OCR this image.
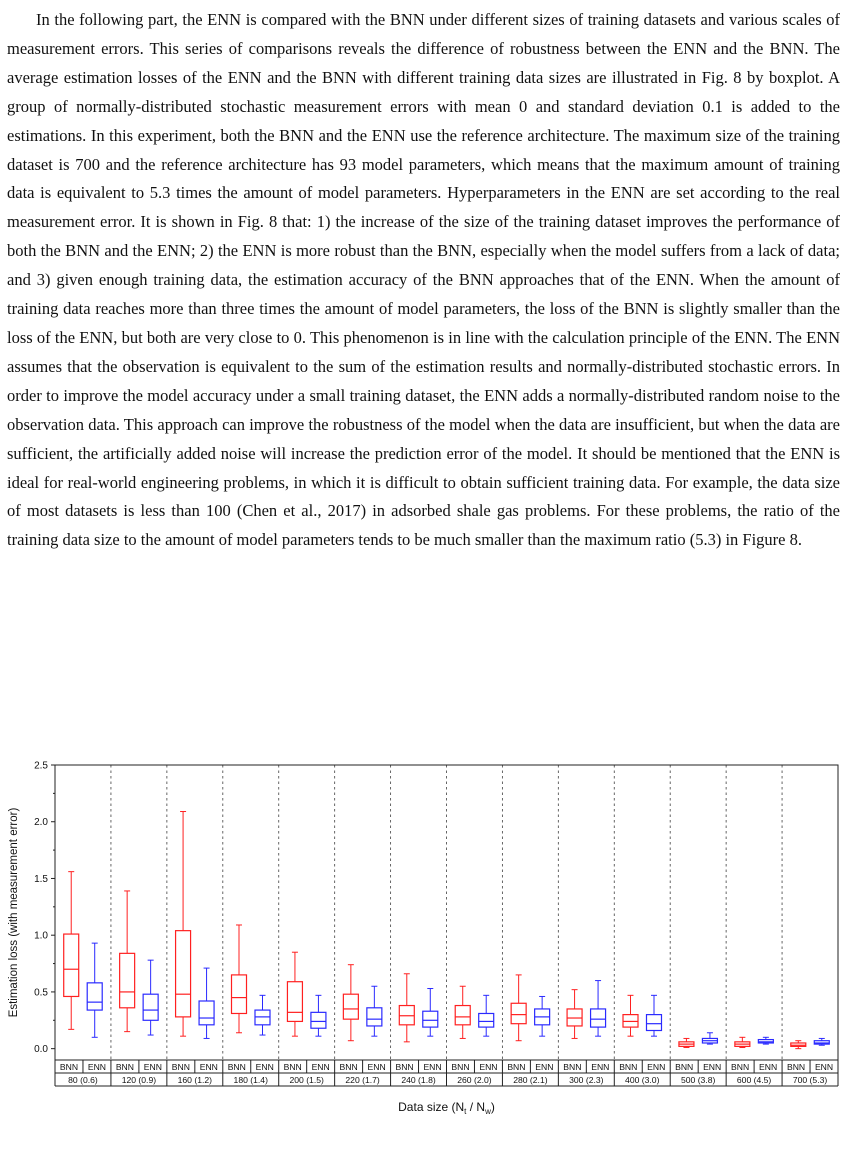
In the following part, the ENN is compared with the BNN under different sizes of training datasets and various scales of measurement errors. This series of comparisons reveals the difference of robustness between the ENN and the BNN. The average estimation losses of the ENN and the BNN with different training data sizes are illustrated in Fig. 8 by boxplot. A group of normally-distributed stochastic measurement errors with mean 0 and standard deviation 0.1 is added to the estimations. In this experiment, both the BNN and the ENN use the reference architecture. The maximum size of the training dataset is 700 and the reference architecture has 93 model parameters, which means that the maximum amount of training data is equivalent to 5.3 times the amount of model parameters. Hyperparameters in the ENN are set according to the real measurement error. It is shown in Fig. 8 that: 1) the increase of the size of the training dataset improves the performance of both the BNN and the ENN; 2) the ENN is more robust than the BNN, especially when the model suffers from a lack of data; and 3) given enough training data, the estimation accuracy of the BNN approaches that of the ENN. When the amount of training data reaches more than three times the amount of model parameters, the loss of the BNN is slightly smaller than the loss of the ENN, but both are very close to 0. This phenomenon is in line with the calculation principle of the ENN. The ENN assumes that the observation is equivalent to the sum of the estimation results and normally-distributed stochastic errors. In order to improve the model accuracy under a small training dataset, the ENN adds a normally-distributed random noise to the observation data. This approach can improve the robustness of the model when the data are insufficient, but when the data are sufficient, the artificially added noise will increase the prediction error of the model. It should be mentioned that the ENN is ideal for real-world engineering problems, in which it is difficult to obtain sufficient training data. For example, the data size of most datasets is less than 100 (Chen et al., 2017) in adsorbed shale gas problems. For these problems, the ratio of the training data size to the amount of model parameters tends to be much smaller than the maximum ratio (5.3) in Figure 8.

0.0
0.5
1.0
1.5
2.0
2.5
Estimation loss (with measurement error)
BNN ENN
80 (0.6)
BNN ENN
120 (0.9)
BNN ENN
160 (1.2)
BNN ENN
180 (1.4)
BNN ENN
200 (1.5)
BNN ENN
220 (1.7)
BNN ENN
240 (1.8)
BNN ENN
260 (2.0)
BNN ENN
280 (2.1)
BNN ENN
300 (2.3)
BNN ENN
400 (3.0)
BNN ENN
500 (3.8)
BNN ENN
600 (4.5)
BNN ENN
700 (5.3)
Data size $(N_t / N_w)$
